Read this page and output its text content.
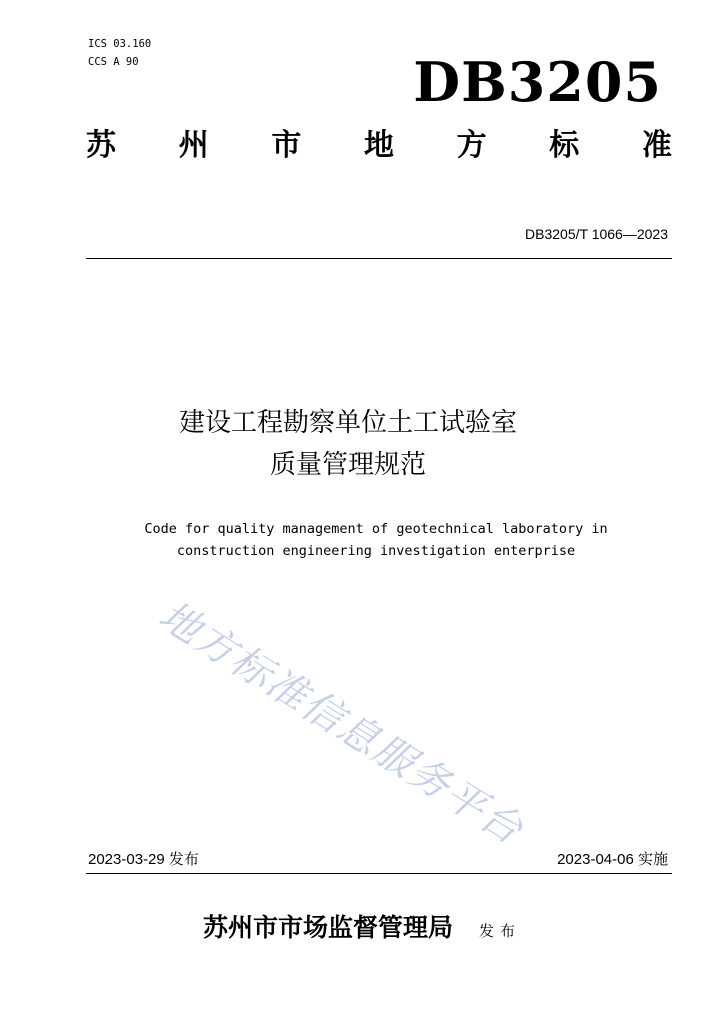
ICS 03.160
CCS A 90	DB3205
苏 州 市 地 方 标 准
DB3205/T 1066—2023
建设工程勘察单位土工试验室
质量管理规范
Code for quality management of geotechnical laboratory in
construction engineering investigation enterprise
地方标准信息服务平台
2023-03-29 发布	2023-04-06 实施
苏州市市场监督管理局 发布
